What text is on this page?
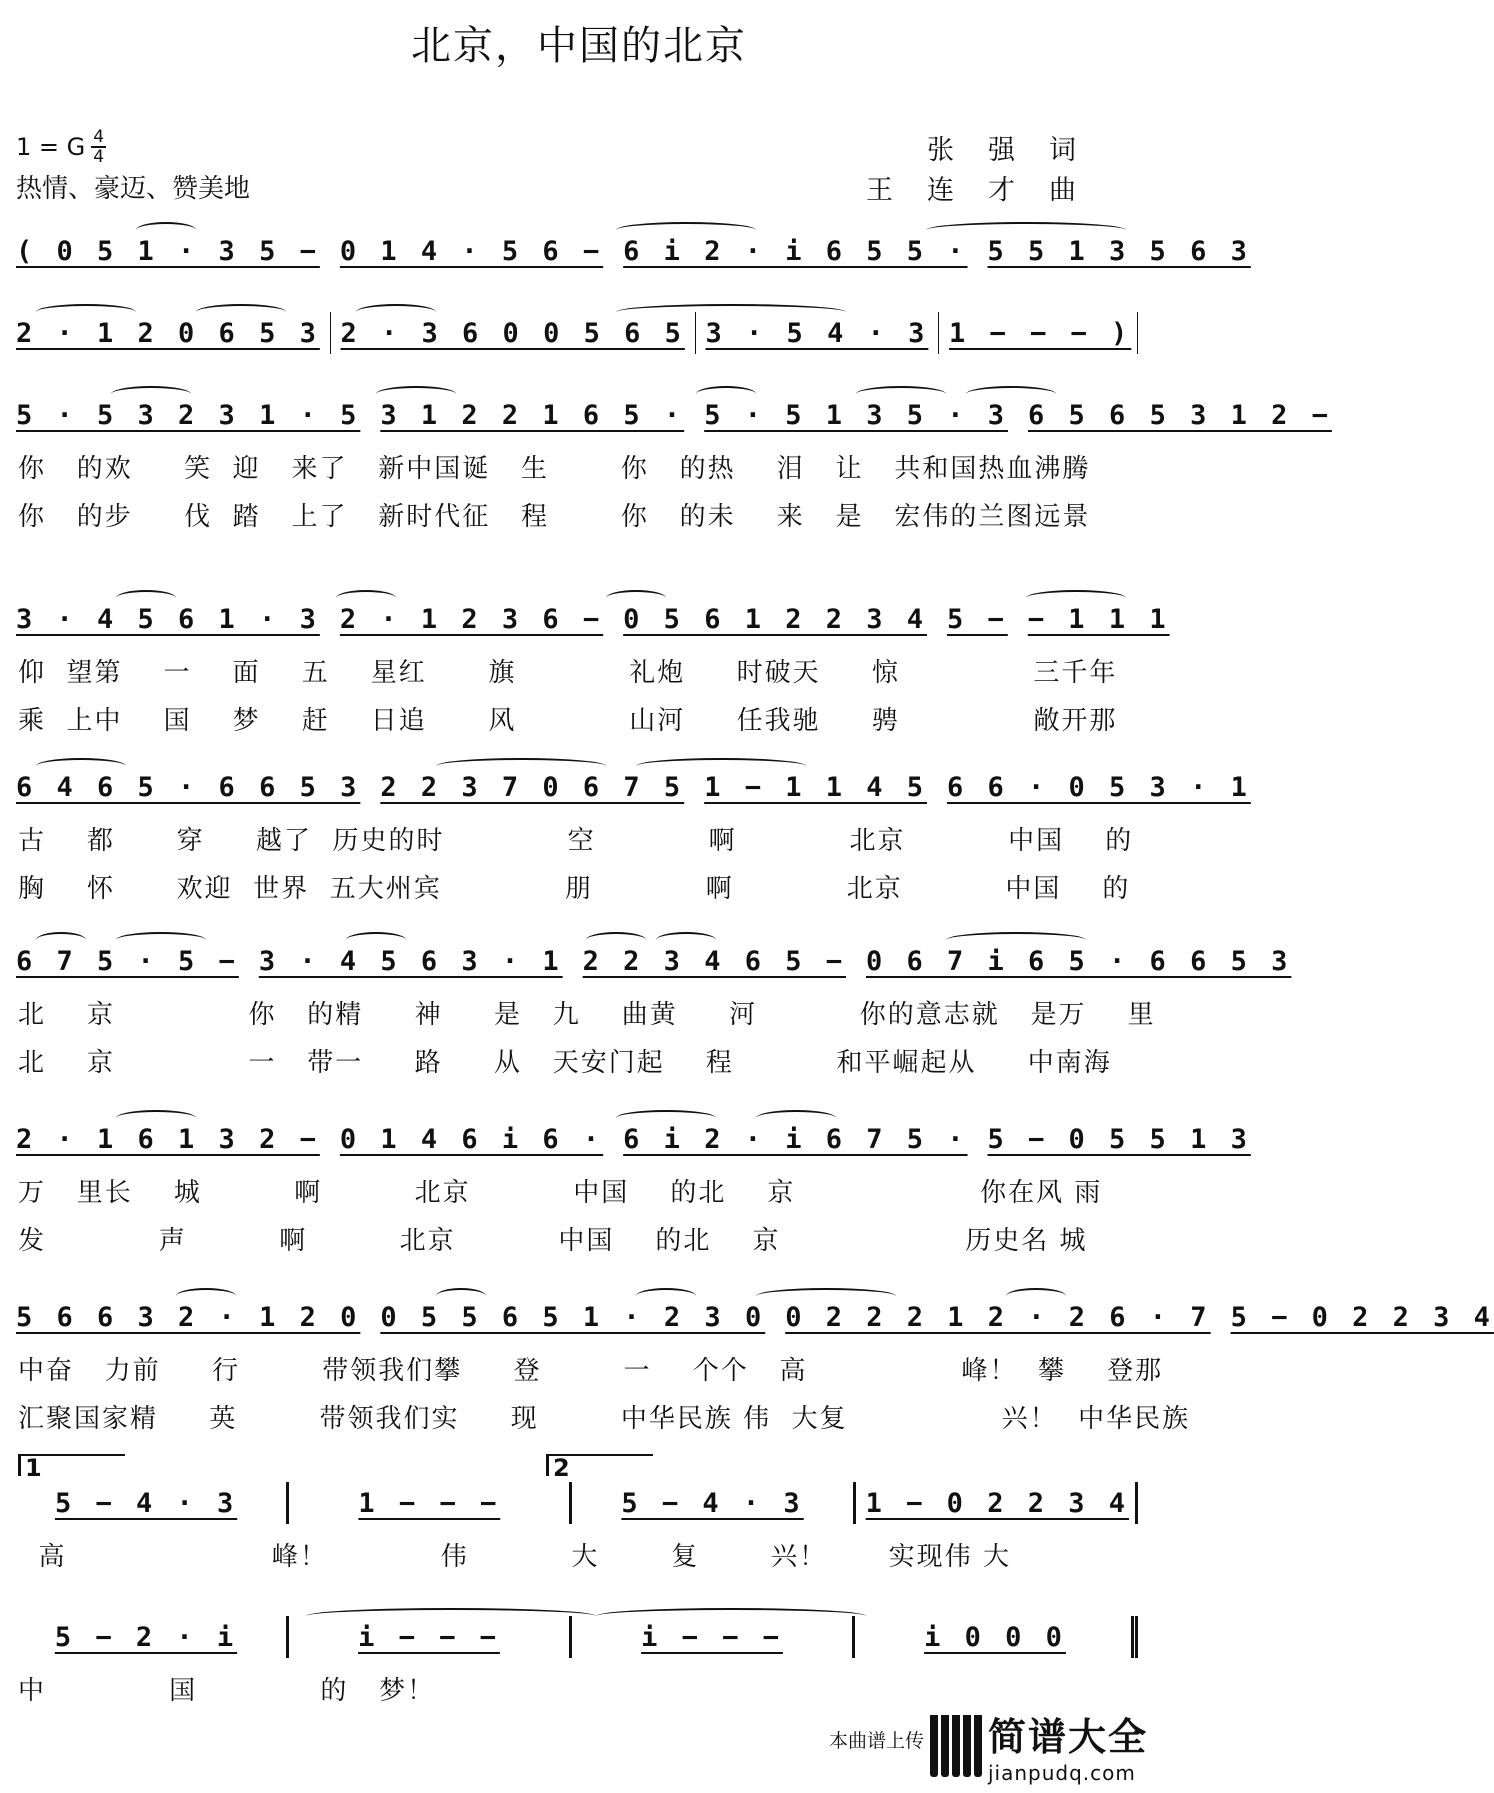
北京，中国的北京
1 = G $\frac{4}{4}$
热情、豪迈、赞美地
张强词
王连才曲
( 0 5 1 · 3 5 − 0 1 4 · 5 6 − 6 i 2 · i 6 5 5 · 5 5 1 3 5 6 3
2 · 1 2 0 6 5 3 2 · 3 6 0 0 5 6 5 3 · 5 4 · 3 1 − − − )
5 · 5 3 2 3 1 · 5 3 1 2 2 1 6 5 · 5 · 5 1 3 5 · 3 6 5 6 5 3 1 2 −
你   的欢     笑  迎   来了   新中国诞   生       你   的热    泪   让   共和国热血沸腾
你   的步     伐  踏   上了   新时代征   程       你   的未    来   是   宏伟的兰图远景
3 · 4 5 6 1 · 3 2 · 1 2 3 6 − 0 5 6 1 2 2 3 4 5 − − 1 1 1
仰  望第    一    面    五    星红      旗           礼炮     时破天     惊             三千年
乘  上中    国    梦    赶    日追      风           山河     任我驰     骋             敞开那
6 4 6 5 · 6 6 5 3 2 2 3 7 0 6 7 5 1 − 1 1 4 5 6 6 · 0 5 3 · 1
古    都      穿     越了  历史的时            空           啊           北京          中国    的
胸    怀      欢迎  世界  五大州宾            朋           啊           北京          中国    的
6 7 5 · 5 − 3 · 4 5 6 3 · 1 2 2 3 4 6 5 − 0 6 7 i 6 5 · 6 6 5 3
北    京             你   的精     神     是   九    曲黄     河          你的意志就   是万    里
北    京             一   带一     路     从   天安门起    程          和平崛起从     中南海
2 · 1 6 1 3 2 − 0 1 4 6 i 6 · 6 i 2 · i 6 7 5 · 5 − 0 5 5 1 3
万   里长    城         啊         北京          中国    的北    京                  你在风 雨
发           声         啊         北京          中国    的北    京                  历史名 城
5 6 6 3 2 · 1 2 0 0 5 5 6 5 1 · 2 3 0 0 2 2 2 1 2 · 2 6 · 7 5 − 0 2 2 3 4
中奋   力前     行        带领我们攀     登        一    个个   高               峰！  攀    登那
汇聚国家精     英        带领我们实     现        中华民族 伟  大复               兴！  中华民族
1	2
5 − 4 · 3	1 − − −	5 − 4 · 3	1 − 0 2 2 3 4
高                    峰！           伟          大       复       兴！      实现伟 大
5 − 2 · i	i − − −	i − − −	i 0 0 0
中            国            的   梦！
本曲谱上传 简谱大全
jianpudq.com
